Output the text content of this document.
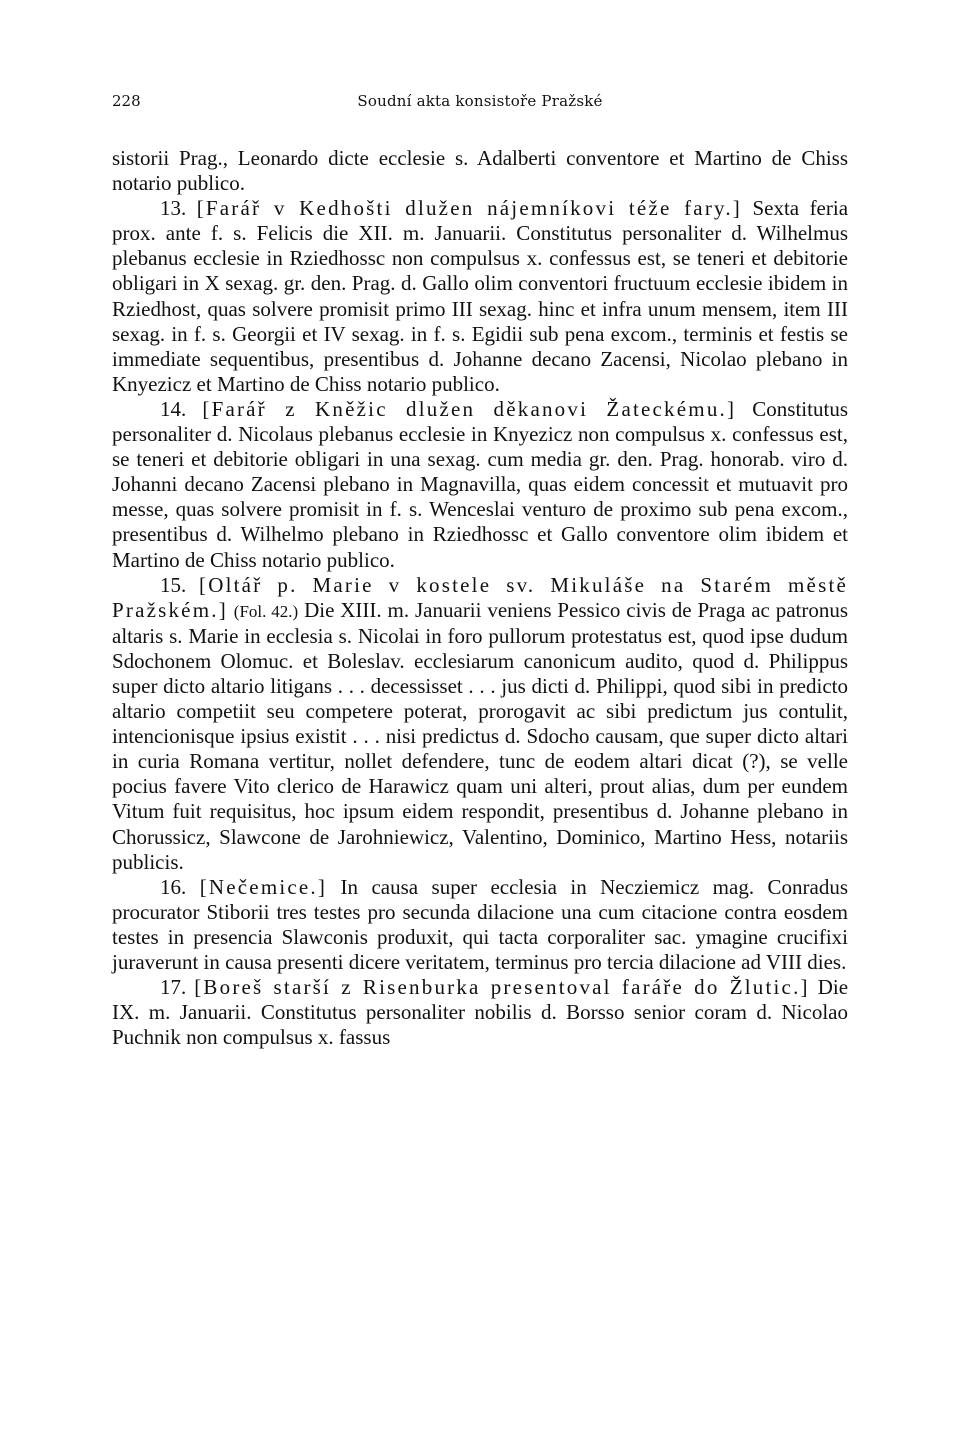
228	Soudní akta konsistoře Pražské

sistorii Prag., Leonardo dicte ecclesie s. Adalberti conventore et Martino de Chiss notario publico.

13. [Farář v Kedhošti dlužen nájemníkovi téže fary.] Sexta feria prox. ante f. s. Felicis die XII. m. Januarii. Constitutus personaliter d. Wilhelmus plebanus ecclesie in Rziedhossc non compulsus x. confessus est, se teneri et debitorie obligari in X sexag. gr. den. Prag. d. Gallo olim conventori fructuum ecclesie ibidem in Rziedhost, quas solvere promisit primo III sexag. hinc et infra unum mensem, item III sexag. in f. s. Georgii et IV sexag. in f. s. Egidii sub pena excom., terminis et festis se immediate sequentibus, presentibus d. Johanne decano Zacensi, Nicolao plebano in Knyezicz et Martino de Chiss notario publico.

14. [Farář z Kněžic dlužen děkanovi Žateckému.] Constitutus personaliter d. Nicolaus plebanus ecclesie in Knyezicz non compulsus x. confessus est, se teneri et debitorie obligari in una sexag. cum media gr. den. Prag. honorab. viro d. Johanni decano Zacensi plebano in Magnavilla, quas eidem concessit et mutuavit pro messe, quas solvere promisit in f. s. Wenceslai venturo de proximo sub pena excom., presentibus d. Wilhelmo plebano in Rziedhossc et Gallo conventore olim ibidem et Martino de Chiss notario publico.

15. [Oltář p. Marie v kostele sv. Mikuláše na Starém městě Pražském.] (Fol. 42.) Die XIII. m. Januarii veniens Pessico civis de Praga ac patronus altaris s. Marie in ecclesia s. Nicolai in foro pullorum protestatus est, quod ipse dudum Sdochonem Olomuc. et Boleslav. ecclesiarum canonicum audito, quod d. Philippus super dicto altario litigans . . . decessisset . . . jus dicti d. Philippi, quod sibi in predicto altario competiit seu competere poterat, prorogavit ac sibi predictum jus contulit, intencionisque ipsius existit . . . nisi predictus d. Sdocho causam, que super dicto altari in curia Romana vertitur, nollet defendere, tunc de eodem altari dicat (?), se velle pocius favere Vito clerico de Harawicz quam uni alteri, prout alias, dum per eundem Vitum fuit requisitus, hoc ipsum eidem respondit, presentibus d. Johanne plebano in Chorussicz, Slawcone de Jarohniewicz, Valentino, Dominico, Martino Hess, notariis publicis.

16. [Nečemice.] In causa super ecclesia in Necziemicz mag. Conradus procurator Stiborii tres testes pro secunda dilacione una cum citacione contra eosdem testes in presencia Slawconis produxit, qui tacta corporaliter sac. ymagine crucifixi juraverunt in causa presenti dicere veritatem, terminus pro tercia dilacione ad VIII dies.

17. [Boreš starší z Risenburka presentoval faráře do Žlutic.] Die IX. m. Januarii. Constitutus personaliter nobilis d. Borsso senior coram d. Nicolao Puchnik non compulsus x. fassus
